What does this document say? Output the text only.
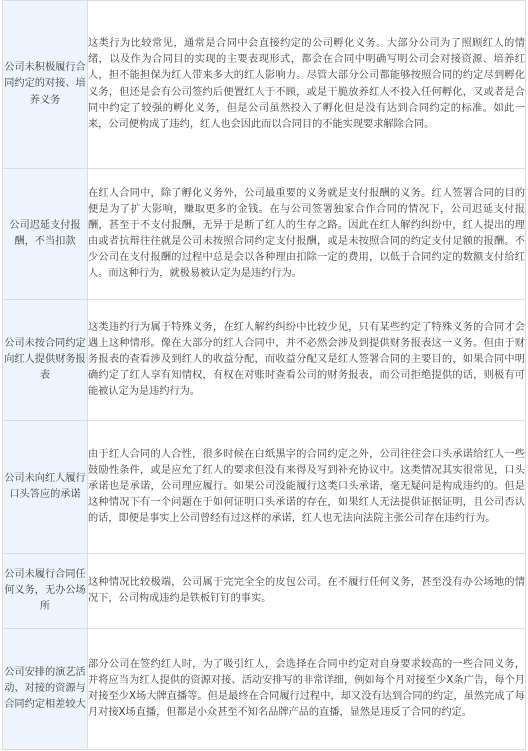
公司未积极履行合同约定的对接、培养义务	这类行为比较常见，通常是合同中会直接约定的公司孵化义务。大部分公司为了照顾红人的情绪，以及作为合同目的实现的主要表现形式，都会在合同中明确写明公司会对接资源、培养红人，担不能担保为红人带来多大的红人影响力。尽管大部分公司都能够按照合同的约定尽到孵化义务，但还是会有公司签约后便置红人于不顾，或是干脆放养红人不投入任何孵化，又或者是合同中约定了较强的孵化义务，但是公司虽然投入了孵化但是没有达到合同约定的标准。如此一来，公司便构成了违约，红人也会因此而以合同目的不能实现要求解除合同。

公司迟延支付报酬，不当扣款	在红人合同中，除了孵化义务外，公司最重要的义务就是支付报酬的义务。红人签署合同的目的便是为了扩大影响，赚取更多的金钱。在与公司签署独家合作合同的情况下，公司迟延支付报酬，甚至于不支付报酬，无异于是断了红人的生存之路。因此在红人解约纠纷中，红人提出的理由或者抗辩往往就是公司未按照合同约定支付报酬，或是未按照合同的约定支付足额的报酬。不少公司在支付报酬的过程中总是会以各种理由扣除一定的费用，以低于合同约定的数额支付给红人。而这种行为，就极易被认定为是违约行为。

公司未按合同约定向红人提供财务报表	这类违约行为属于特殊义务，在红人解约纠纷中比较少见，只有某些约定了特殊义务的合同才会遇上这种情形。像在大部分的红人合同中，并不必然会涉及到提供财务报表这一义务。但由于财务报表的查看涉及到红人的收益分配，而收益分配又是红人签署合同的主要目的，如果合同中明确约定了红人享有知情权，有权在对账时查看公司的财务报表，而公司拒绝提供的话，则极有可能被认定为是违约行为。

公司未向红人履行口头答应的承诺	由于红人合同的人合性，很多时候在白纸黑字的合同约定之外，公司往往会口头承诺给红人一些鼓励性条件，或是应允了红人的要求但没有来得及写到补充协议中。这类情况其实很常见，口头承诺也是承诺，公司理应履行。如果公司没能履行这类口头承诺，毫无疑问是构成违约的。但是这种情况下有一个问题在于如何证明口头承诺的存在，如果红人无法提供证据证明，且公司否认的话，即便是事实上公司曾经有过这样的承诺，红人也无法向法院主张公司存在违约行为。

公司未履行合同任何义务，无办公场所	这种情况比较极端，公司属于完完全全的皮包公司。在不履行任何义务，甚至没有办公场地的情况下，公司构成违约是铁板钉钉的事实。

公司安排的演艺活动、对接的资源与合同约定相差较大	部分公司在签约红人时，为了吸引红人，会选择在合同中约定对自身要求较高的一些合同义务，并将应当为红人提供的资源对接、活动安排写的非常详细，例如每个月对接至少X条广告，每个月对接至少X场大牌直播等。但是最终在合同履行过程中，却又没有达到合同的约定，虽然完成了每月对接X场直播，但都是小众甚至不知名品牌产品的直播，显然是违反了合同的约定。
